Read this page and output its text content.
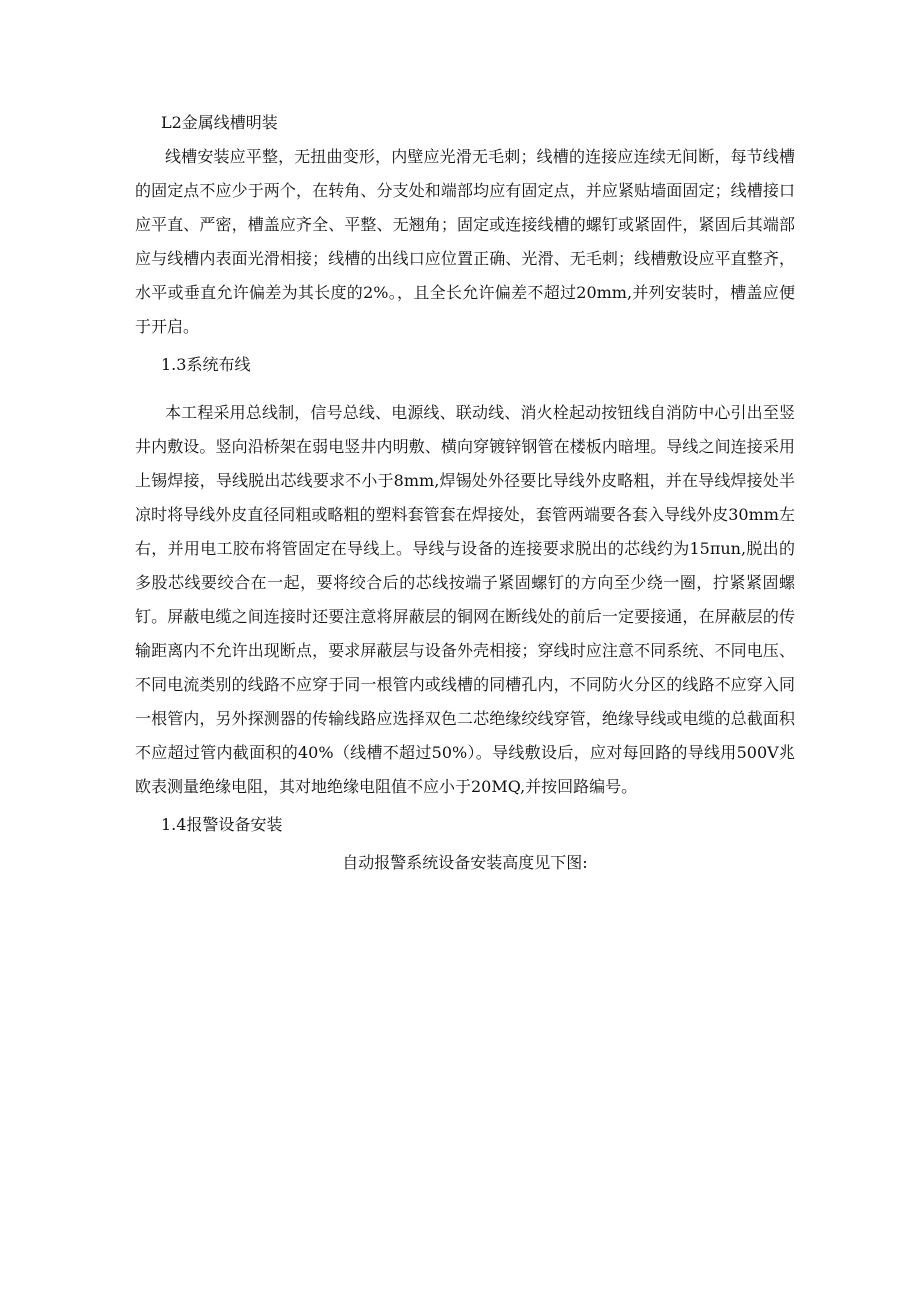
L2金属线槽明装

线槽安装应平整，无扭曲变形，内壁应光滑无毛刺；线槽的连接应连续无间断，每节线槽的固定点不应少于两个，在转角、分支处和端部均应有固定点，并应紧贴墙面固定；线槽接口应平直、严密，槽盖应齐全、平整、无翘角；固定或连接线槽的螺钉或紧固件，紧固后其端部应与线槽内表面光滑相接；线槽的出线口应位置正确、光滑、无毛刺；线槽敷设应平直整齐，水平或垂直允许偏差为其长度的2%。，且全长允许偏差不超过20mm,并列安装时，槽盖应便于开启。

1.3系统布线

本工程采用总线制，信号总线、电源线、联动线、消火栓起动按钮线自消防中心引出至竖井内敷设。竖向沿桥架在弱电竖井内明敷、横向穿镀锌钢管在楼板内暗埋。导线之间连接采用上锡焊接，导线脱出芯线要求不小于8mm,焊锡处外径要比导线外皮略粗，并在导线焊接处半凉时将导线外皮直径同粗或略粗的塑料套管套在焊接处，套管两端要各套入导线外皮30mm左右，并用电工胶布将管固定在导线上。导线与设备的连接要求脱出的芯线约为15πun,脱出的多股芯线要绞合在一起，要将绞合后的芯线按端子紧固螺钉的方向至少绕一圈，拧紧紧固螺钉。屏蔽电缆之间连接时还要注意将屏蔽层的铜网在断线处的前后一定要接通，在屏蔽层的传输距离内不允许出现断点，要求屏蔽层与设备外壳相接；穿线时应注意不同系统、不同电压、不同电流类别的线路不应穿于同一根管内或线槽的同槽孔内，不同防火分区的线路不应穿入同一根管内，另外探测器的传输线路应选择双色二芯绝缘绞线穿管，绝缘导线或电缆的总截面积不应超过管内截面积的40%（线槽不超过50%）。导线敷设后，应对每回路的导线用500V兆欧表测量绝缘电阻，其对地绝缘电阻值不应小于20MQ,并按回路编号。

1.4报警设备安装

自动报警系统设备安装高度见下图:
